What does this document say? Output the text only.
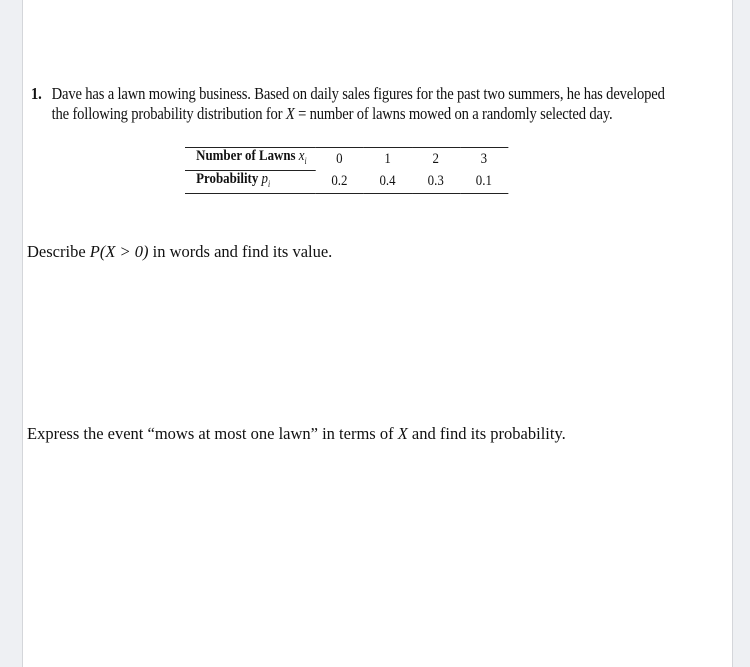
1. Dave has a lawn mowing business. Based on daily sales figures for the past two summers, he has developed
the following probability distribution for X = number of lawns mowed on a randomly selected day.
Number of Lawns $x_i$	0	1	2	3
Probability $p_i$	0.2	0.4	0.3	0.1
Describe P(X > 0) in words and find its value.
Express the event “mows at most one lawn” in terms of X and find its probability.
